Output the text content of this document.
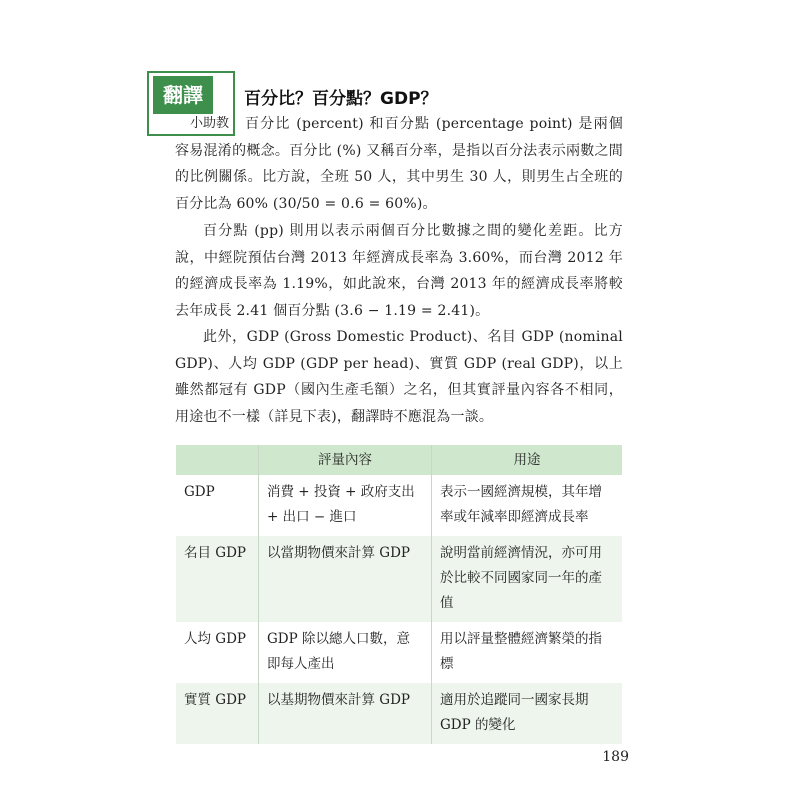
翻譯
小助教
百分比？百分點？GDP？

百分比 (percent) 和百分點 (percentage point) 是兩個容易混淆的概念。百分比 (%) 又稱百分率，是指以百分法表示兩數之間的比例關係。比方說，全班 50 人，其中男生 30 人，則男生占全班的百分比為 60% (30/50 = 0.6 = 60%)。

百分點 (pp) 則用以表示兩個百分比數據之間的變化差距。比方說，中經院預估台灣 2013 年經濟成長率為 3.60%，而台灣 2012 年的經濟成長率為 1.19%，如此說來，台灣 2013 年的經濟成長率將較去年成長 2.41 個百分點 (3.6 − 1.19 = 2.41)。

此外，GDP (Gross Domestic Product)、名目 GDP (nominal GDP)、人均 GDP (GDP per head)、實質 GDP (real GDP)，以上雖然都冠有 GDP（國內生產毛額）之名，但其實評量內容各不相同，用途也不一樣（詳見下表)，翻譯時不應混為一談。

	評量內容	用途
GDP	消費 + 投資 + 政府支出 + 出口 − 進口	表示一國經濟規模，其年增率或年減率即經濟成長率
名目 GDP	以當期物價來計算 GDP	說明當前經濟情況，亦可用於比較不同國家同一年的產值
人均 GDP	GDP 除以總人口數，意即每人產出	用以評量整體經濟繁榮的指標
實質 GDP	以基期物價來計算 GDP	適用於追蹤同一國家長期 GDP 的變化
189
